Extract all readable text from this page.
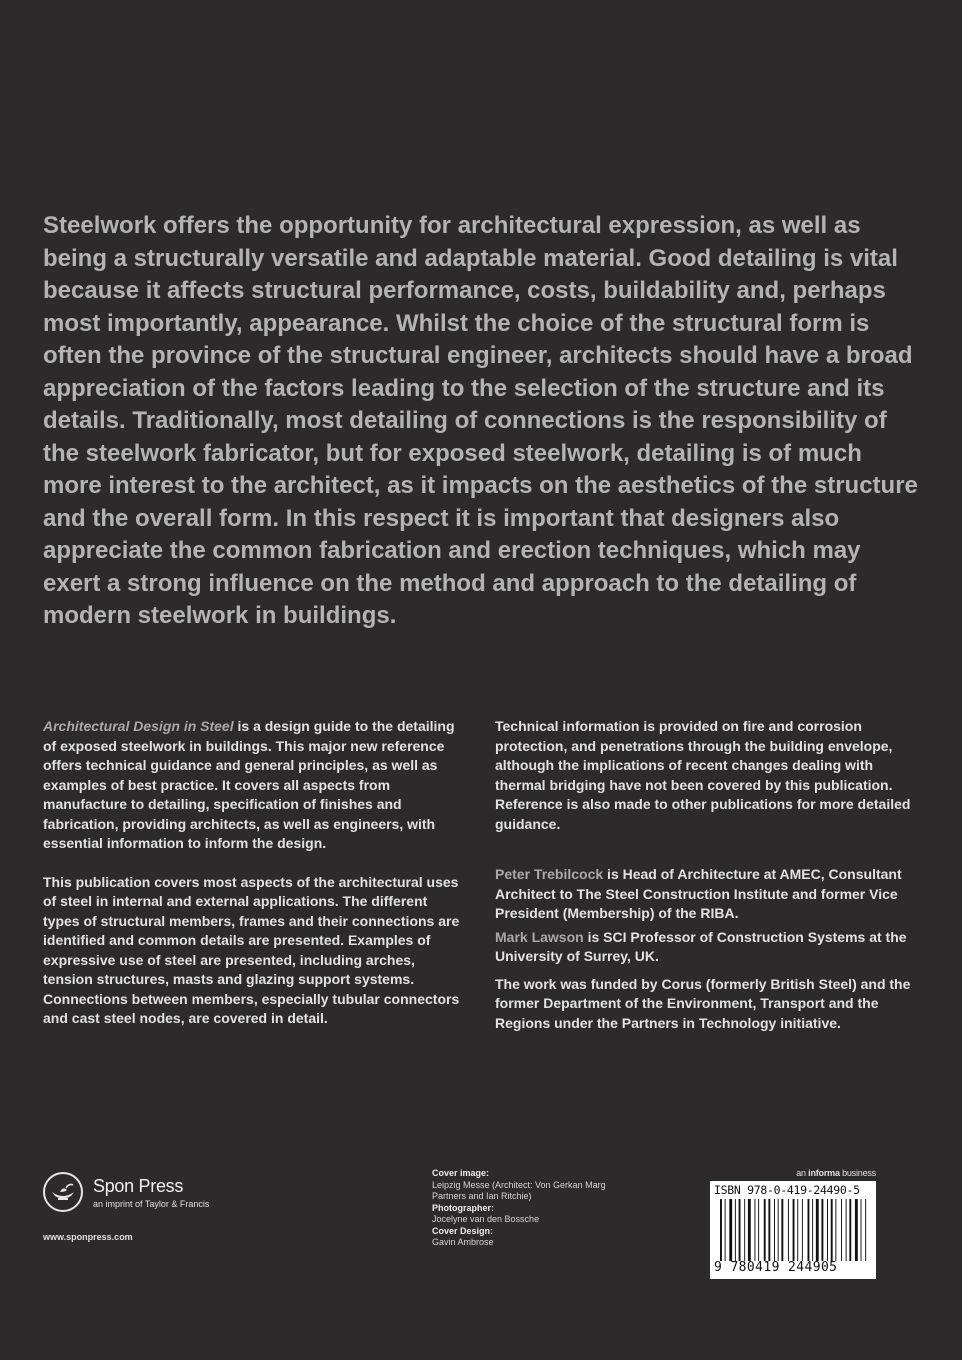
Steelwork offers the opportunity for architectural expression, as well as being a structurally versatile and adaptable material. Good detailing is vital because it affects structural performance, costs, buildability and, perhaps most importantly, appearance. Whilst the choice of the structural form is often the province of the structural engineer, architects should have a broad appreciation of the factors leading to the selection of the structure and its details. Traditionally, most detailing of connections is the responsibility of the steelwork fabricator, but for exposed steelwork, detailing is of much more interest to the architect, as it impacts on the aesthetics of the structure and the overall form. In this respect it is important that designers also appreciate the common fabrication and erection techniques, which may exert a strong influence on the method and approach to the detailing of modern steelwork in buildings.

Architectural Design in Steel is a design guide to the detailing of exposed steelwork in buildings. This major new reference offers technical guidance and general principles, as well as examples of best practice. It covers all aspects from manufacture to detailing, specification of finishes and fabrication, providing architects, as well as engineers, with essential information to inform the design.

This publication covers most aspects of the architectural uses of steel in internal and external applications. The different types of structural members, frames and their connections are identified and common details are presented. Examples of expressive use of steel are presented, including arches, tension structures, masts and glazing support systems. Connections between members, especially tubular connectors and cast steel nodes, are covered in detail.

Technical information is provided on fire and corrosion protection, and penetrations through the building envelope, although the implications of recent changes dealing with thermal bridging have not been covered by this publication. Reference is also made to other publications for more detailed guidance.

Peter Trebilcock is Head of Architecture at AMEC, Consultant Architect to The Steel Construction Institute and former Vice President (Membership) of the RIBA.

Mark Lawson is SCI Professor of Construction Systems at the University of Surrey, UK.

The work was funded by Corus (formerly British Steel) and the former Department of the Environment, Transport and the Regions under the Partners in Technology initiative.

Spon Press
an imprint of Taylor & Francis
www.sponpress.com
Cover image:
Leipzig Messe (Architect: Von Gerkan Marg Partners and Ian Ritchie)
Photographer:
Jocelyne van den Bossche
Cover Design:
Gavin Ambrose
an informa business
ISBN 978-0-419-24490-5
9 780419 244905
